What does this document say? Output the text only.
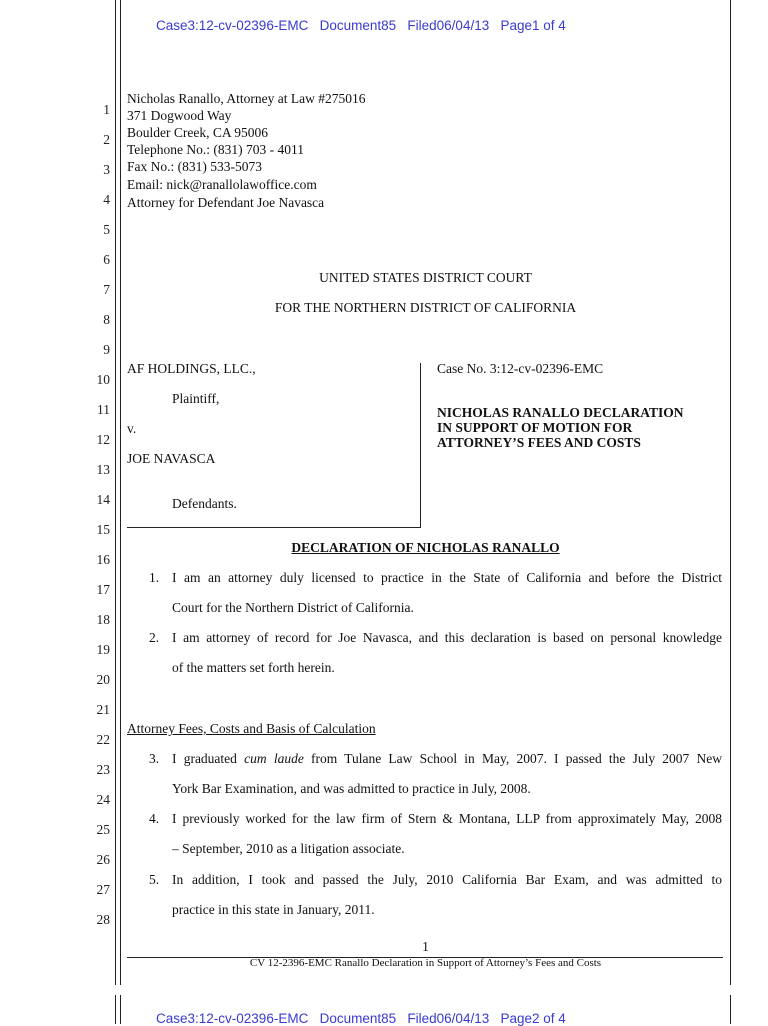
Case3:12-cv-02396-EMC Document85 Filed06/04/13 Page1 of 4
1
2
3
4
5
6
7
8
9
10
11
12
13
14
15
16
17
18
19
20
21
22
23
24
25
26
27
28
Nicholas Ranallo, Attorney at Law #275016
371 Dogwood Way
Boulder Creek, CA 95006
Telephone No.: (831) 703 - 4011
Fax No.: (831) 533-5073
Email: nick@ranallolawoffice.com
Attorney for Defendant Joe Navasca
UNITED STATES DISTRICT COURT
FOR THE NORTHERN DISTRICT OF CALIFORNIA
AF HOLDINGS, LLC.,
Plaintiff,
v.
JOE NAVASCA
Defendants.
Case No. 3:12-cv-02396-EMC
NICHOLAS RANALLO DECLARATION
IN SUPPORT OF MOTION FOR
ATTORNEY’S FEES AND COSTS
DECLARATION OF NICHOLAS RANALLO
1. I am an attorney duly licensed to practice in the State of California and before the District
Court for the Northern District of California.
2. I am attorney of record for Joe Navasca, and this declaration is based on personal knowledge
of the matters set forth herein.
Attorney Fees, Costs and Basis of Calculation
3. I graduated cum laude from Tulane Law School in May, 2007. I passed the July 2007 New
York Bar Examination, and was admitted to practice in July, 2008.
4. I previously worked for the law firm of Stern & Montana, LLP from approximately May, 2008
– September, 2010 as a litigation associate.
5. In addition, I took and passed the July, 2010 California Bar Exam, and was admitted to
practice in this state in January, 2011.
1
CV 12-2396-EMC Ranallo Declaration in Support of Attorney’s Fees and Costs
Case3:12-cv-02396-EMC Document85 Filed06/04/13 Page2 of 4
